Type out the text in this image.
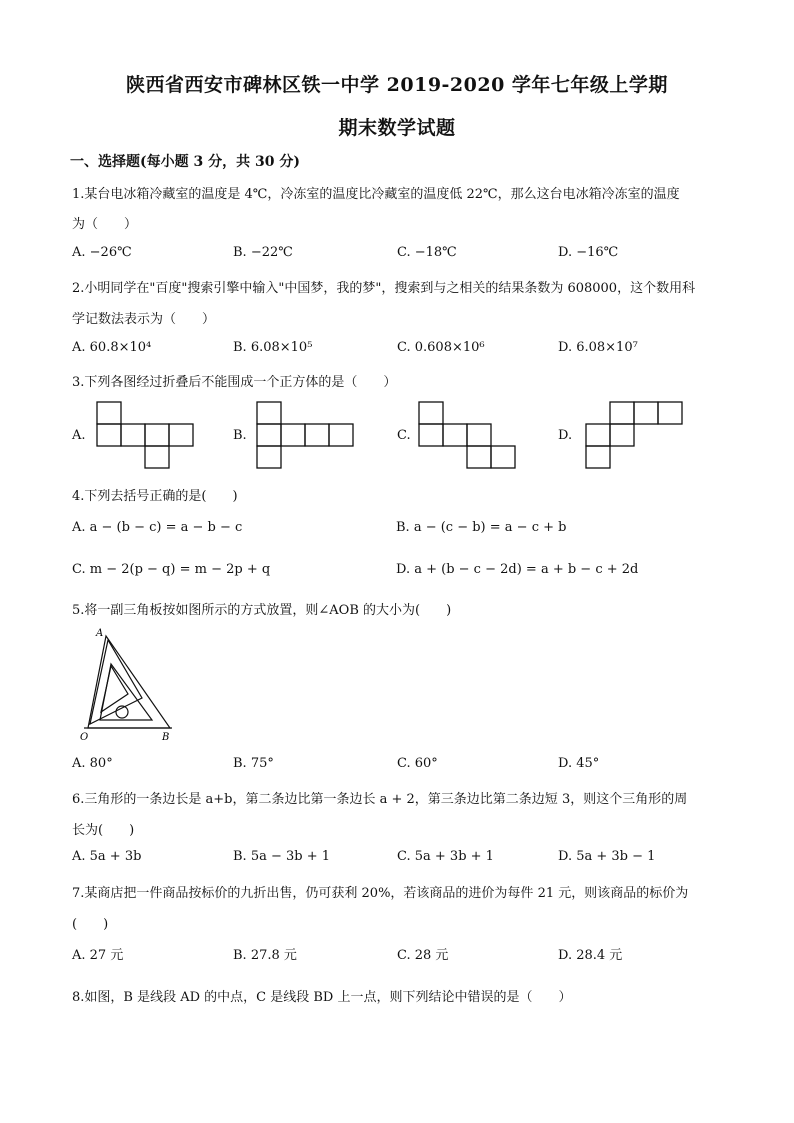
陕西省西安市碑林区铁一中学 2019-2020 学年七年级上学期
期末数学试题
一、选择题(每小题 3 分，共 30 分)
1.某台电冰箱冷藏室的温度是 4℃，冷冻室的温度比冷藏室的温度低 22℃，那么这台电冰箱冷冻室的温度
为（　　）
A. −26℃	B. −22℃	C. −18℃	D. −16℃
2.小明同学在"百度"搜索引擎中输入"中国梦，我的梦"，搜索到与之相关的结果条数为 608000，这个数用科
学记数法表示为（　　）
A. 60.8×10⁴	B. 6.08×10⁵	C. 0.608×10⁶	D. 6.08×10⁷
3.下列各图经过折叠后不能围成一个正方体的是（　　）
A.	B.	C.	D.
4.下列去括号正确的是(　　)
A. a − (b − c) = a − b − c	B. a − (c − b) = a − c + b
C. m − 2(p − q) = m − 2p + q	D. a + (b − c − 2d) = a + b − c + 2d
5.将一副三角板按如图所示的方式放置，则∠AOB 的大小为(　　)
A
O	B
A. 80°	B. 75°	C. 60°	D. 45°
6.三角形的一条边长是 a+b，第二条边比第一条边长 a + 2，第三条边比第二条边短 3，则这个三角形的周
长为(　　)
A. 5a + 3b	B. 5a − 3b + 1	C. 5a + 3b + 1	D. 5a + 3b − 1
7.某商店把一件商品按标价的九折出售，仍可获利 20%，若该商品的进价为每件 21 元，则该商品的标价为
(　　)
A. 27 元	B. 27.8 元	C. 28 元	D. 28.4 元
8.如图，B 是线段 AD 的中点，C 是线段 BD 上一点，则下列结论中错误的是（　　）
